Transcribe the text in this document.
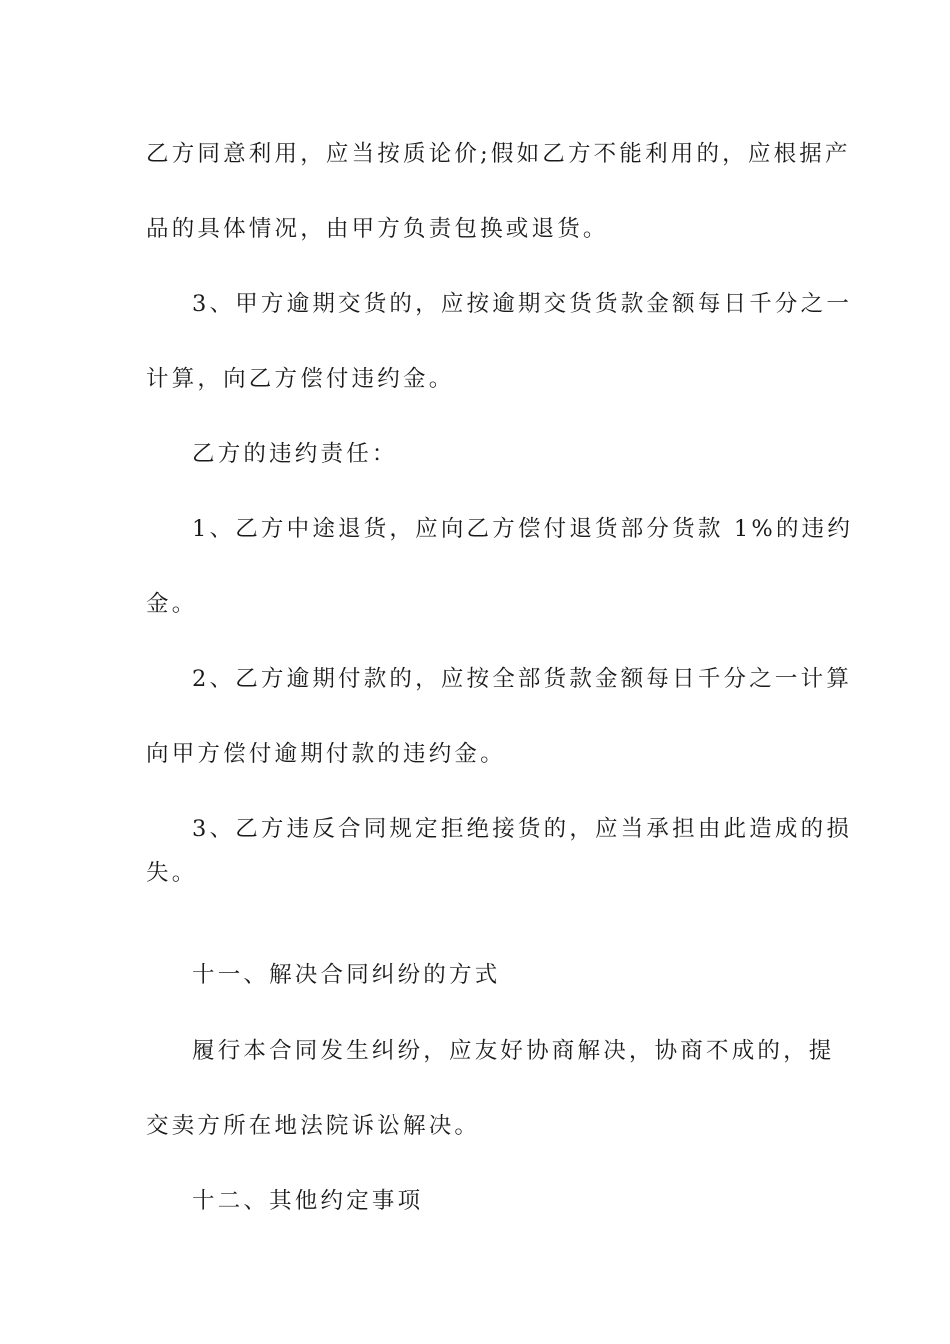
乙方同意利用，应当按质论价;假如乙方不能利用的，应根据产
品的具体情况，由甲方负责包换或退货。
3、甲方逾期交货的，应按逾期交货货款金额每日千分之一
计算，向乙方偿付违约金。
乙方的违约责任：
1、乙方中途退货，应向乙方偿付退货部分货款 1%的违约
金。
2、乙方逾期付款的，应按全部货款金额每日千分之一计算
向甲方偿付逾期付款的违约金。
3、乙方违反合同规定拒绝接货的，应当承担由此造成的损
失。
十一、解决合同纠纷的方式
履行本合同发生纠纷，应友好协商解决，协商不成的，提
交卖方所在地法院诉讼解决。
十二、其他约定事项
